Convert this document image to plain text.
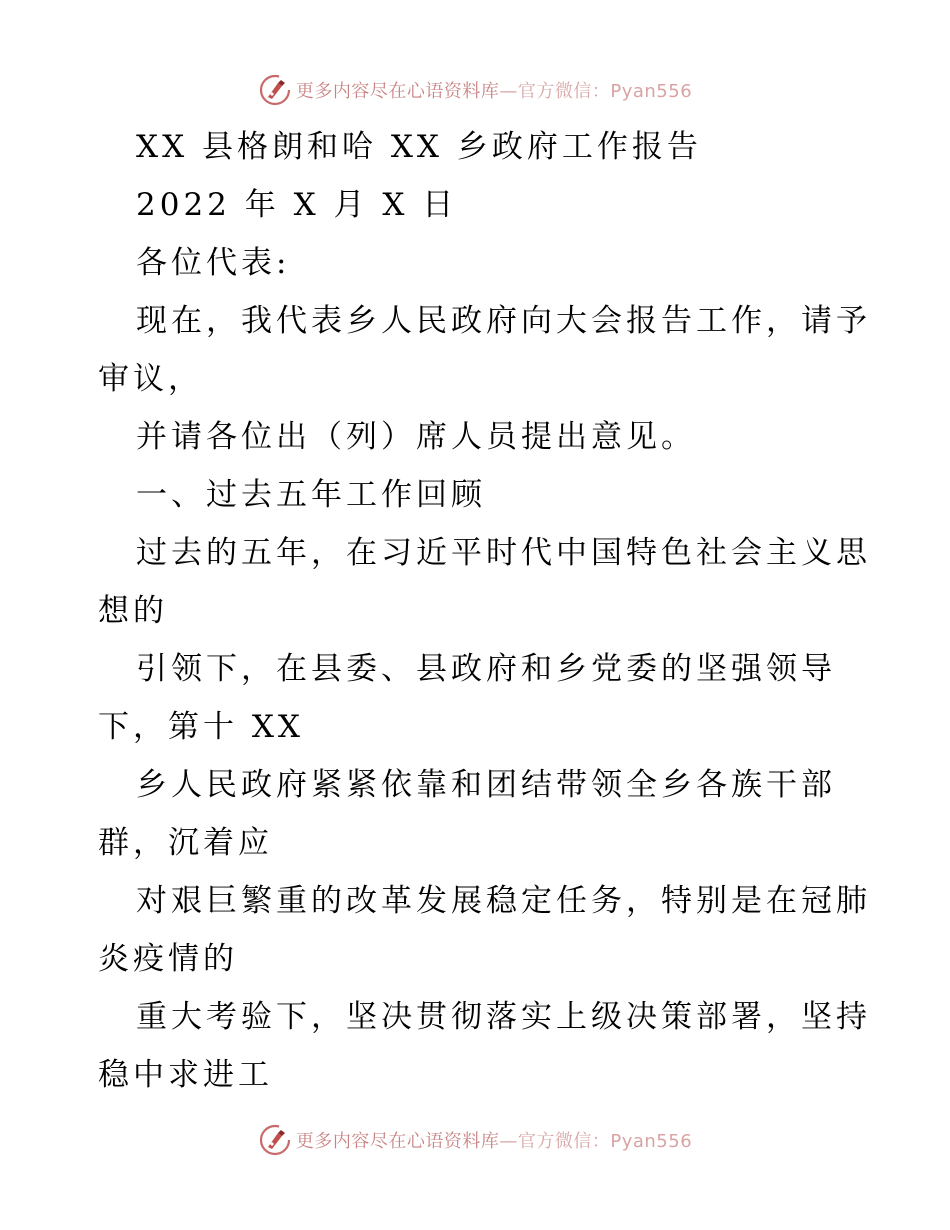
更多内容尽在心语资料库—官方微信：Pyan556
XX 县格朗和哈 XX 乡政府工作报告
2022 年 X 月 X 日
各位代表:
现在，我代表乡人民政府向大会报告工作，请予
审议，
并请各位出（列）席人员提出意见。
一、过去五年工作回顾
过去的五年，在习近平时代中国特色社会主义思
想的
引领下，在县委、县政府和乡党委的坚强领导
下，第十 XX
乡人民政府紧紧依靠和团结带领全乡各族干部
群，沉着应
对艰巨繁重的改革发展稳定任务，特别是在冠肺
炎疫情的
重大考验下，坚决贯彻落实上级决策部署，坚持
稳中求进工
更多内容尽在心语资料库—官方微信：Pyan556
